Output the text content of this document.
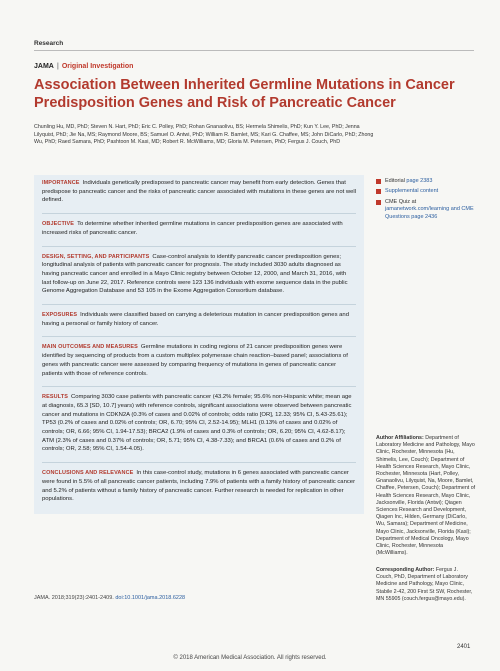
Research
JAMA | Original Investigation
Association Between Inherited Germline Mutations in Cancer Predisposition Genes and Risk of Pancreatic Cancer
Chunling Hu, MD, PhD; Steven N. Hart, PhD; Eric C. Polley, PhD; Rohan Gnanaolivu, BS; Hermela Shimelis, PhD; Kun Y. Lee, PhD; Jenna Lilyquist, PhD; Jie Na, MS; Raymond Moore, BS; Samuel O. Antwi, PhD; William R. Bamlet, MS; Kari G. Chaffee, MS; John DiCarlo, PhD; Zhong Wu, PhD; Raed Samara, PhD; Pashtoon M. Kasi, MD; Robert R. McWilliams, MD; Gloria M. Petersen, PhD; Fergus J. Couch, PhD
IMPORTANCE Individuals genetically predisposed to pancreatic cancer may benefit from early detection. Genes that predispose to pancreatic cancer and the risks of pancreatic cancer associated with mutations in these genes are not well defined.
OBJECTIVE To determine whether inherited germline mutations in cancer predisposition genes are associated with increased risks of pancreatic cancer.
DESIGN, SETTING, AND PARTICIPANTS Case-control analysis to identify pancreatic cancer predisposition genes; longitudinal analysis of patients with pancreatic cancer for prognosis. The study included 3030 adults diagnosed as having pancreatic cancer and enrolled in a Mayo Clinic registry between October 12, 2000, and March 31, 2016, with last follow-up on June 22, 2017. Reference controls were 123 136 individuals with exome sequence data in the public Genome Aggregation Database and 53 105 in the Exome Aggregation Consortium database.
EXPOSURES Individuals were classified based on carrying a deleterious mutation in cancer predisposition genes and having a personal or family history of cancer.
MAIN OUTCOMES AND MEASURES Germline mutations in coding regions of 21 cancer predisposition genes were identified by sequencing of products from a custom multiplex polymerase chain reaction–based panel; associations of genes with pancreatic cancer were assessed by comparing frequency of mutations in genes of pancreatic cancer patients with those of reference controls.
RESULTS Comparing 3030 case patients with pancreatic cancer (43.2% female; 95.6% non-Hispanic white; mean age at diagnosis, 65.3 [SD, 10.7] years) with reference controls, significant associations were observed between pancreatic cancer and mutations in CDKN2A (0.3% of cases and 0.02% of controls; odds ratio [OR], 12.33; 95% CI, 5.43-25.61); TP53 (0.2% of cases and 0.02% of controls; OR, 6.70; 95% CI, 2.52-14.95); MLH1 (0.13% of cases and 0.02% of controls; OR, 6.66; 95% CI, 1.94-17.53); BRCA2 (1.9% of cases and 0.3% of controls; OR, 6.20; 95% CI, 4.62-8.17); ATM (2.3% of cases and 0.37% of controls; OR, 5.71; 95% CI, 4.38-7.33); and BRCA1 (0.6% of cases and 0.2% of controls; OR, 2.58; 95% CI, 1.54-4.05).
CONCLUSIONS AND RELEVANCE In this case-control study, mutations in 6 genes associated with pancreatic cancer were found in 5.5% of all pancreatic cancer patients, including 7.9% of patients with a family history of pancreatic cancer and 5.2% of patients without a family history of pancreatic cancer. Further research is needed for replication in other populations.
Editorial page 2383
Supplemental content
CME Quiz at jamanetwork.com/learning and CME Questions page 2436
Author Affiliations: Department of Laboratory Medicine and Pathology, Mayo Clinic, Rochester, Minnesota (Hu, Shimelis, Lee, Couch); Department of Health Sciences Research, Mayo Clinic, Rochester, Minnesota (Hart, Polley, Gnanaolivu, Lilyquist, Na, Moore, Bamlet, Chaffee, Petersen, Couch); Department of Health Sciences Research, Mayo Clinic, Jacksonville, Florida (Antwi); Qiagen Sciences Research and Development, Qiagen Inc, Hilden, Germany (DiCarlo, Wu, Samara); Department of Medicine, Mayo Clinic, Jacksonville, Florida (Kasi); Department of Medical Oncology, Mayo Clinic, Rochester, Minnesota (McWilliams).
Corresponding Author: Fergus J. Couch, PhD, Department of Laboratory Medicine and Pathology, Mayo Clinic, Stabile 2-42, 200 First St SW, Rochester, MN 55905 (couch.fergus@mayo.edu).
JAMA. 2018;319(23):2401-2409. doi:10.1001/jama.2018.6228
2401
© 2018 American Medical Association. All rights reserved.
